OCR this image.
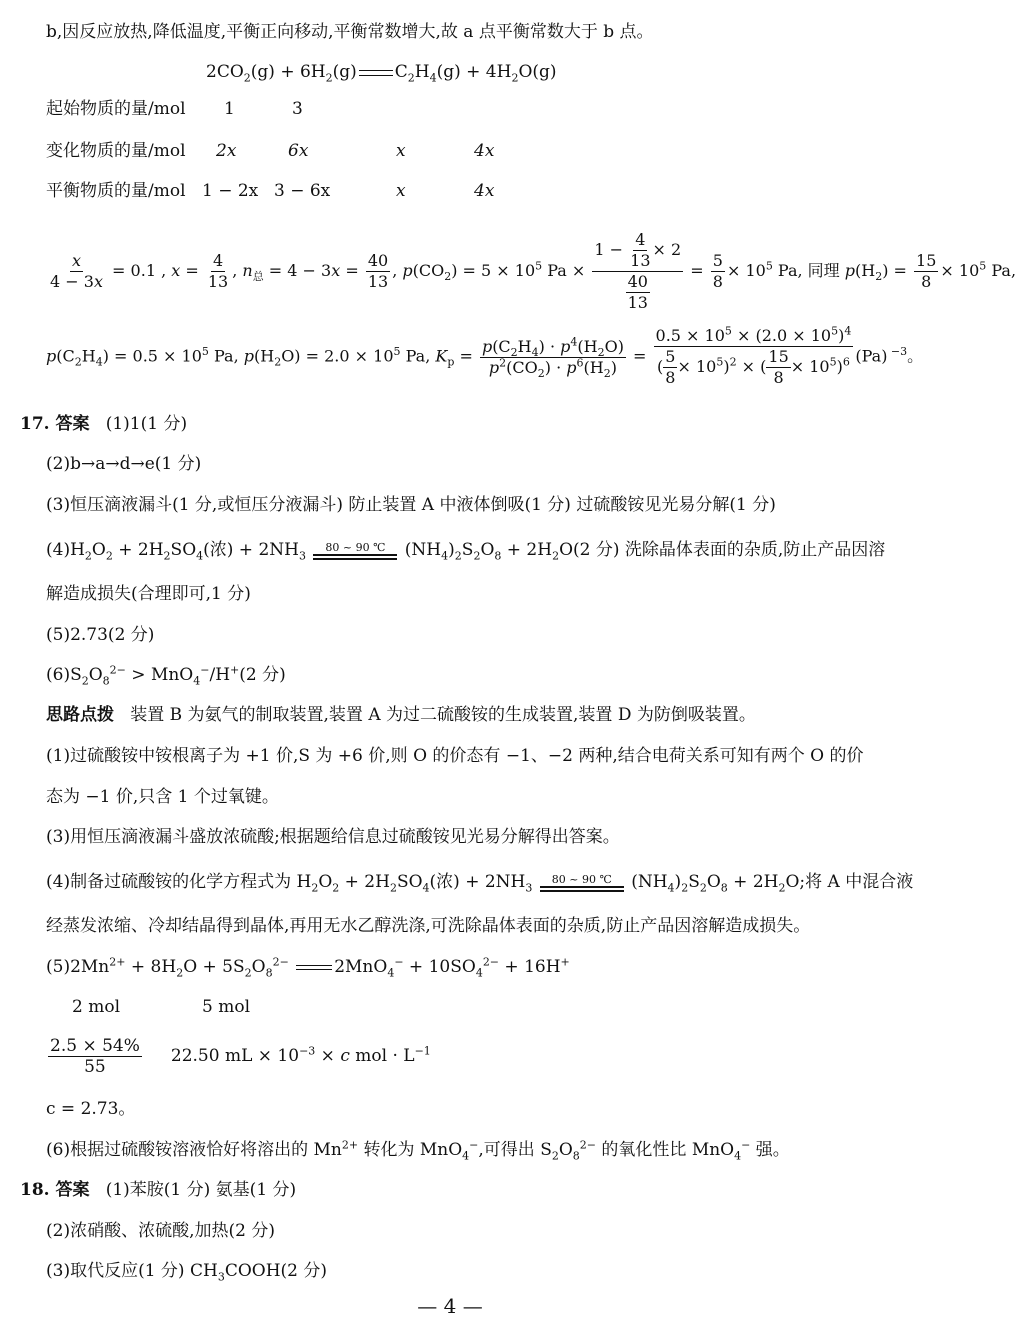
b,因反应放热,降低温度,平衡正向移动,平衡常数增大,故 a 点平衡常数大于 b 点。
$2CO_2(g) + 6H_2(g) C_2H_4(g) + 4H_2O(g)$
起始物质的量/mol 1	3
变化物质的量/mol 2x	6x	x	4x
平衡物质的量/mol 1 − 2x 3 − 6x	x	4x
$\frac{x}{4 - 3x} = 0.1$ , $x = \frac{4}{13}$ , $n_总 = 4 - 3x = \frac{40}{13}$ , $p(CO_2) = 5 \times 10^5$ $Pa \times \frac{1 - \frac{4}{13} \times 2}{\frac{40}{13}} = \frac{5}{8} \times 10^5$ Pa, 同理 $p(H_2) = \frac{15}{8} \times 10^5$ Pa,
$p(C_2H_4) = 0.5 \times 10^5$ Pa, $p(H_2O) = 2.0 \times 10^5$ Pa, $K_p = \frac{p(C_2H_4) \cdot p^4(H_2O)}{p^2(CO_2) \cdot p^6(H_2)} = \frac{0.5 \times 10^5 \times (2.0 \times 10^5)^4}{( \frac{5}{8} \times 10^5)^2 \times ( \frac{15}{8} \times 10^5)^6} (Pa)$ $^{-3}$。
17. 答案 (1)1(1 分)
(2)b→a→d→e(1 分)
(3)恒压滴液漏斗(1 分,或恒压分液漏斗) 防止装置 A 中液体倒吸(1 分) 过硫酸铵见光易分解(1 分)
$(4)H_2O_2 + 2H_2SO_4$(浓) + $2NH_3$
80 ~ 90 ℃ $(NH_4)_2S_2O_8 + 2H_2O(2$ 分) 洗除晶体表面的杂质,防止产品因溶
解造成损失(合理即可,1 分)
(5)2.73(2 分)
$(6)S_2O_8^{2-} > MnO_4^-/H^+(2$ 分)
思路点拨 装置 B 为氨气的制取装置,装置 A 为过二硫酸铵的生成装置,装置 D 为防倒吸装置。
(1)过硫酸铵中铵根离子为 +1 价,S 为 +6 价,则 O 的价态有 −1、−2 两种,结合电荷关系可知有两个 O 的价
态为 −1 价,只含 1 个过氧键。
(3)用恒压滴液漏斗盛放浓硫酸;根据题给信息过硫酸铵见光易分解得出答案。
(4)制备过硫酸铵的化学方程式为 $H_2O_2 + 2H_2SO_4$(浓) + $2NH_3$
80 ~ 90 ℃ $(NH_4)_2S_2O_8 + 2H_2O$;将 A 中混合液
经蒸发浓缩、冷却结晶得到晶体,再用无水乙醇洗涤,可洗除晶体表面的杂质,防止产品因溶解造成损失。
$(5)2Mn^{2+} + 8H_2O + 5S_2O_8^{2-}$	$2MnO_4^- + 10SO_4^{2-} + 16H^+$
2 mol	5 mol
$\frac{2.5 \times 54\%}{55} 22.50$ mL × $10^{-3} \times c$ mol · $L^{-1}$
c = 2.73。
(6)根据过硫酸铵溶液恰好将溶出的 $Mn^{2+}$ 转化为 MnO$_4$−,可得出 $S_2O_8^{2-}$ 的氧化性比 MnO$_4$− 强。
18. 答案 (1)苯胺(1 分) 氨基(1 分)
(2)浓硝酸、浓硫酸,加热(2 分)
(3)取代反应(1 分) $CH_3COOH(2$ 分)
— 4 —
